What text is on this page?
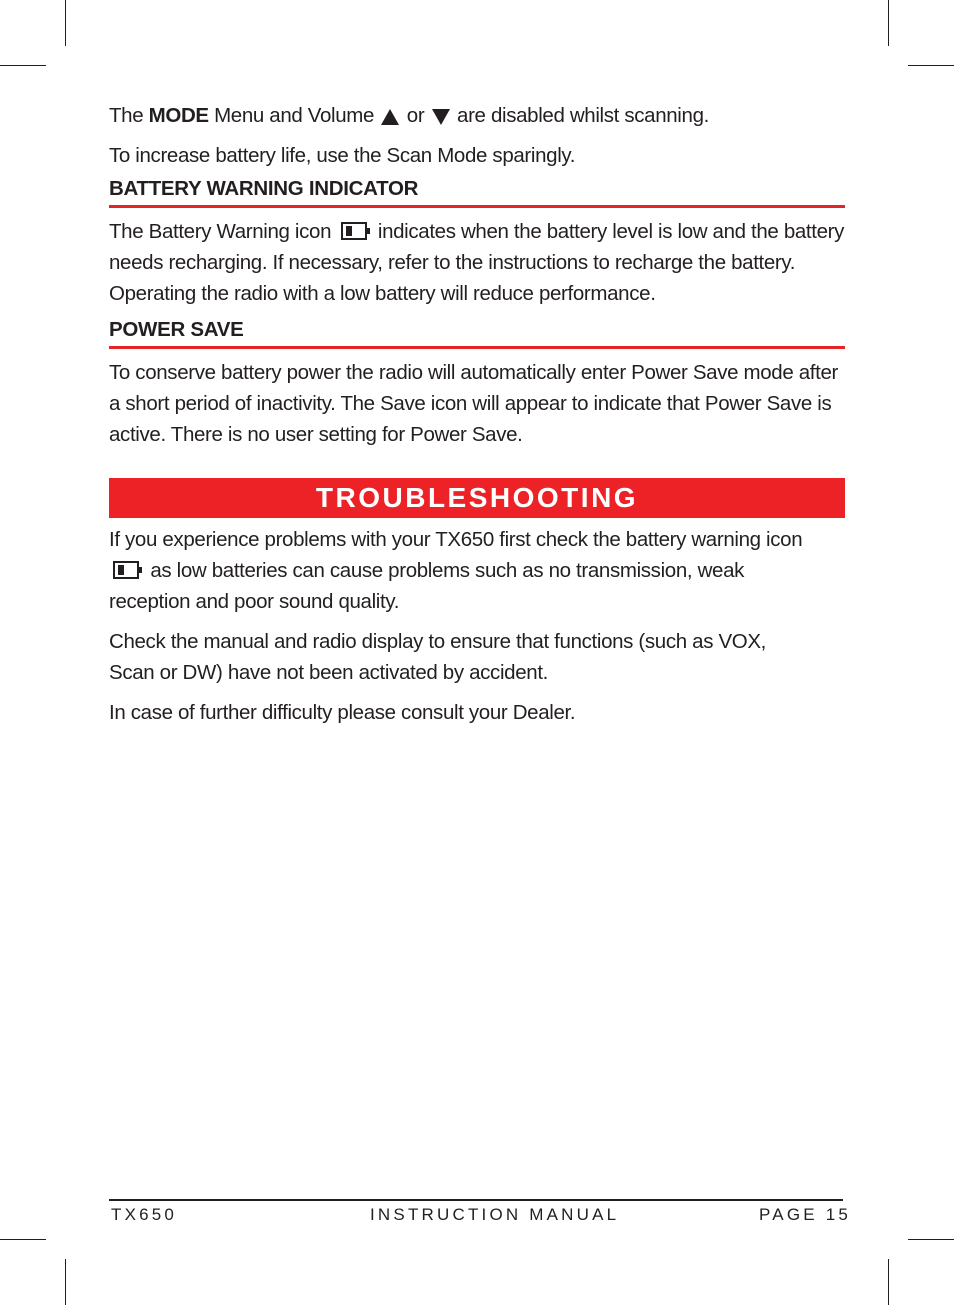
The MODE Menu and Volume  or  are disabled whilst scanning.

To increase battery life, use the Scan Mode sparingly.

BATTERY WARNING INDICATOR

The Battery Warning icon indicates when the battery level is low and the battery needs recharging. If necessary, refer to the instructions to recharge the battery. Operating the radio with a low battery will reduce performance.

POWER SAVE

To conserve battery power the radio will automatically enter Power Save mode after a short period of inactivity. The Save icon will appear to indicate that Power Save is active. There is no user setting for Power Save.

TROUBLESHOOTING

If you experience problems with your TX650 first check the battery warning icon  as low batteries can cause problems such as no transmission, weak reception and poor sound quality.

Check the manual and radio display to ensure that functions (such as VOX, Scan or DW) have not been activated by accident.

In case of further difficulty please consult your Dealer.

TX650	INSTRUCTION MANUAL	PAGE 15
